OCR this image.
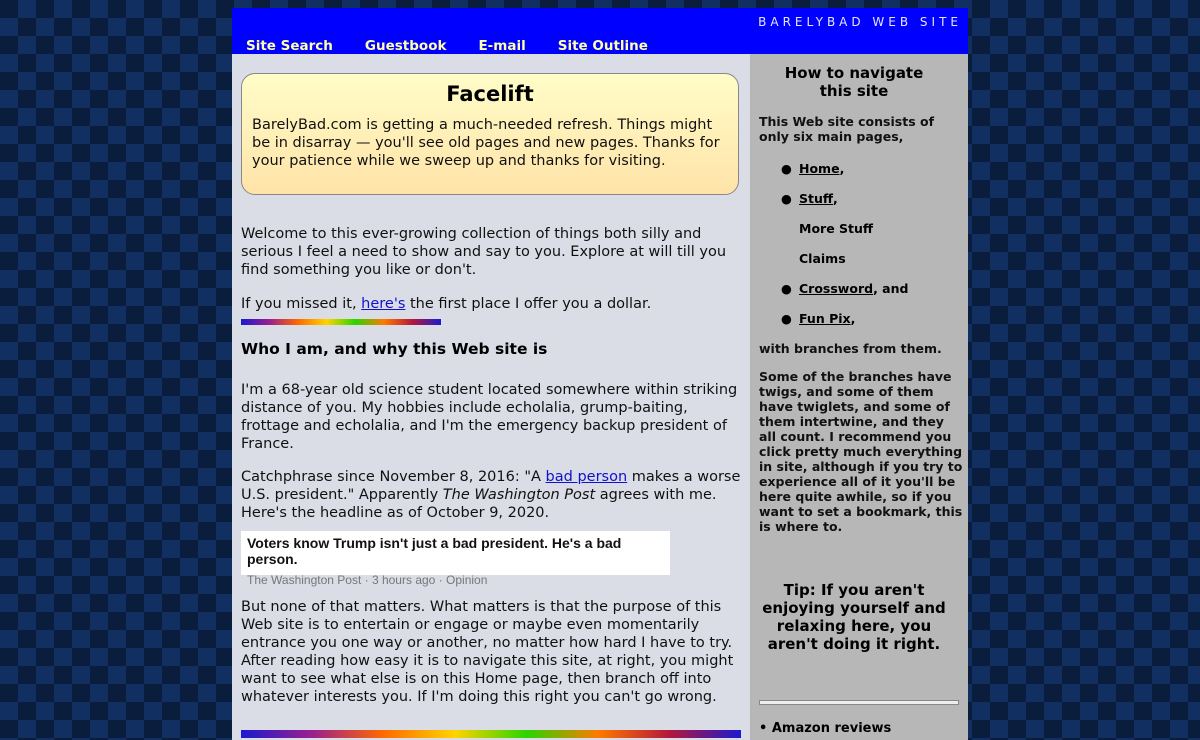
BARELYBAD WEB SITE
Site Search Guestbook E-mail Site Outline
Facelift

BarelyBad.com is getting a much-needed refresh. Things might be in disarray — you'll see old pages and new pages. Thanks for your patience while we sweep up and thanks for visiting.

Welcome to this ever-growing collection of things both silly and serious I feel a need to show and say to you. Explore at will till you find something you like or don't.

If you missed it, here's the first place I offer you a dollar.

Who I am, and why this Web site is

I'm a 68-year old science student located somewhere within striking distance of you. My hobbies include echolalia, grump-baiting, frottage and echolalia, and I'm the emergency backup president of France.

Catchphrase since November 8, 2016: "A bad person makes a worse U.S. president." Apparently The Washington Post agrees with me. Here's the headline as of October 9, 2020.

Voters know Trump isn't just a bad president. He's a bad person.
The Washington Post · 3 hours ago · Opinion

But none of that matters. What matters is that the purpose of this Web site is to entertain or engage or maybe even momentarily entrance you one way or another, no matter how hard I have to try. After reading how easy it is to navigate this site, at right, you might want to see what else is on this Home page, then branch off into whatever interests you. If I'm doing this right you can't go wrong.

How to navigate
this site

This Web site consists of only six main pages,

● Home,
● Stuff,
More Stuff
Claims
● Crossword, and
● Fun Pix,

with branches from them.

Some of the branches have twigs, and some of them have twiglets, and some of them intertwine, and they all count. I recommend you click pretty much everything in site, although if you try to experience all of it you'll be here quite awhile, so if you want to set a bookmark, this is where to.

Tip: If you aren't enjoying yourself and relaxing here, you aren't doing it right.
• Amazon reviews
